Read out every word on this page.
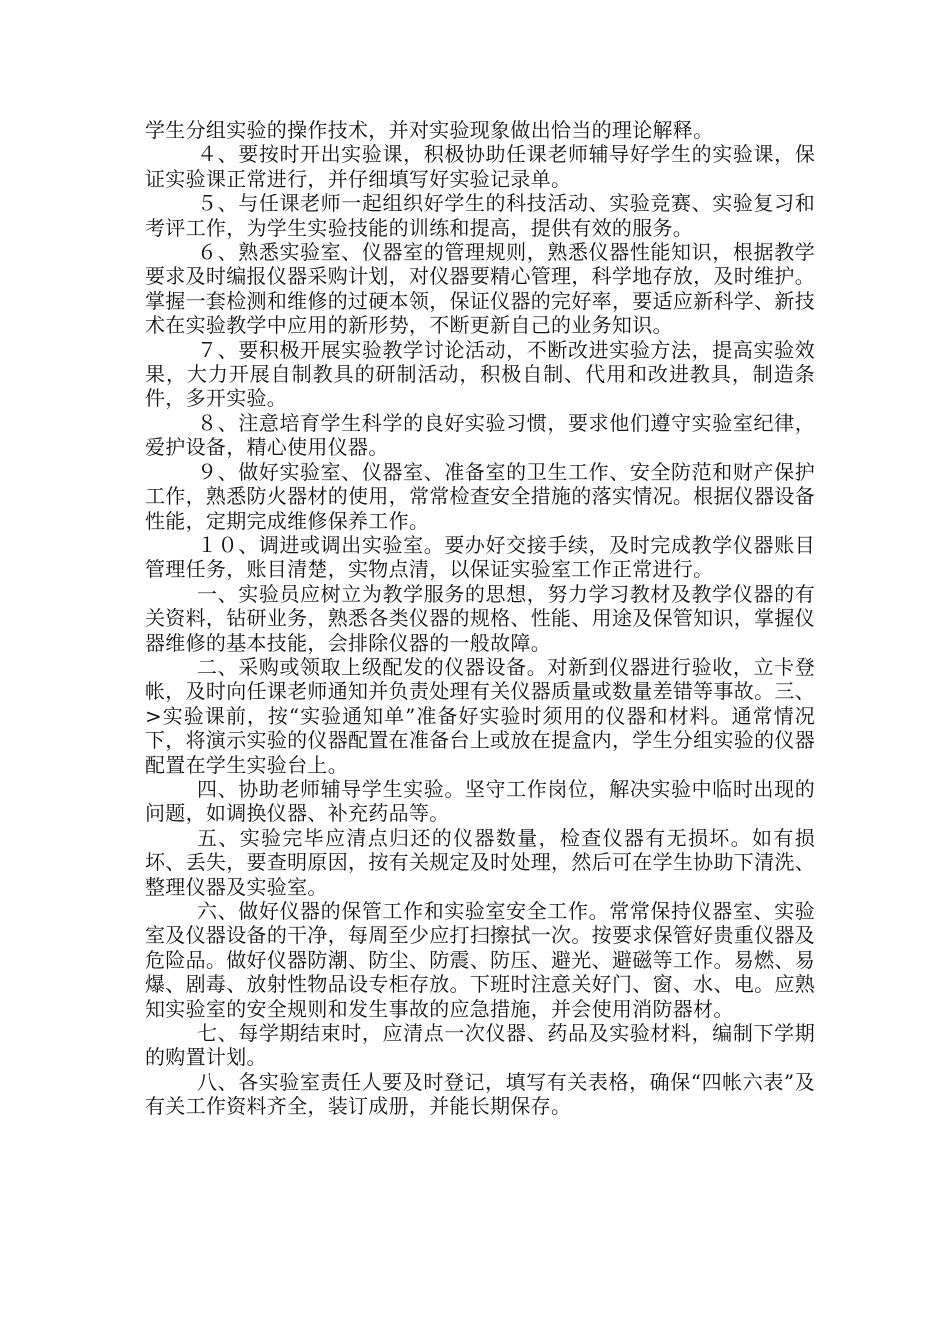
学生分组实验的操作技术，并对实验现象做出恰当的理论解释。

４、要按时开出实验课，积极协助任课老师辅导好学生的实验课，保证实验课正常进行，并仔细填写好实验记录单。

５、与任课老师一起组织好学生的科技活动、实验竞赛、实验复习和考评工作，为学生实验技能的训练和提高，提供有效的服务。

６、熟悉实验室、仪器室的管理规则，熟悉仪器性能知识，根据教学要求及时编报仪器采购计划，对仪器要精心管理，科学地存放，及时维护。掌握一套检测和维修的过硬本领，保证仪器的完好率，要适应新科学、新技术在实验教学中应用的新形势，不断更新自己的业务知识。

７、要积极开展实验教学讨论活动，不断改进实验方法，提高实验效果，大力开展自制教具的研制活动，积极自制、代用和改进教具，制造条件，多开实验。

８、注意培育学生科学的良好实验习惯，要求他们遵守实验室纪律，爱护设备，精心使用仪器。

９、做好实验室、仪器室、准备室的卫生工作、安全防范和财产保护工作，熟悉防火器材的使用，常常检查安全措施的落实情况。根据仪器设备性能，定期完成维修保养工作。

１０、调进或调出实验室。要办好交接手续，及时完成教学仪器账目管理任务，账目清楚，实物点清，以保证实验室工作正常进行。

一、实验员应树立为教学服务的思想，努力学习教材及教学仪器的有关资料，钻研业务，熟悉各类仪器的规格、性能、用途及保管知识，掌握仪器维修的基本技能，会排除仪器的一般故障。

二、采购或领取上级配发的仪器设备。对新到仪器进行验收，立卡登帐，及时向任课老师通知并负责处理有关仪器质量或数量差错等事故。三、>实验课前，按“实验通知单”准备好实验时须用的仪器和材料。通常情况下，将演示实验的仪器配置在准备台上或放在提盒内，学生分组实验的仪器配置在学生实验台上。

四、协助老师辅导学生实验。坚守工作岗位，解决实验中临时出现的问题，如调换仪器、补充药品等。

五、实验完毕应清点归还的仪器数量，检查仪器有无损坏。如有损坏、丢失，要查明原因，按有关规定及时处理，然后可在学生协助下清洗、整理仪器及实验室。

六、做好仪器的保管工作和实验室安全工作。常常保持仪器室、实验室及仪器设备的干净，每周至少应打扫擦拭一次。按要求保管好贵重仪器及危险品。做好仪器防潮、防尘、防震、防压、避光、避磁等工作。易燃、易爆、剧毒、放射性物品设专柜存放。下班时注意关好门、窗、水、电。应熟知实验室的安全规则和发生事故的应急措施，并会使用消防器材。

七、每学期结束时，应清点一次仪器、药品及实验材料，编制下学期的购置计划。

八、各实验室责任人要及时登记，填写有关表格，确保“四帐六表”及有关工作资料齐全，装订成册，并能长期保存。
